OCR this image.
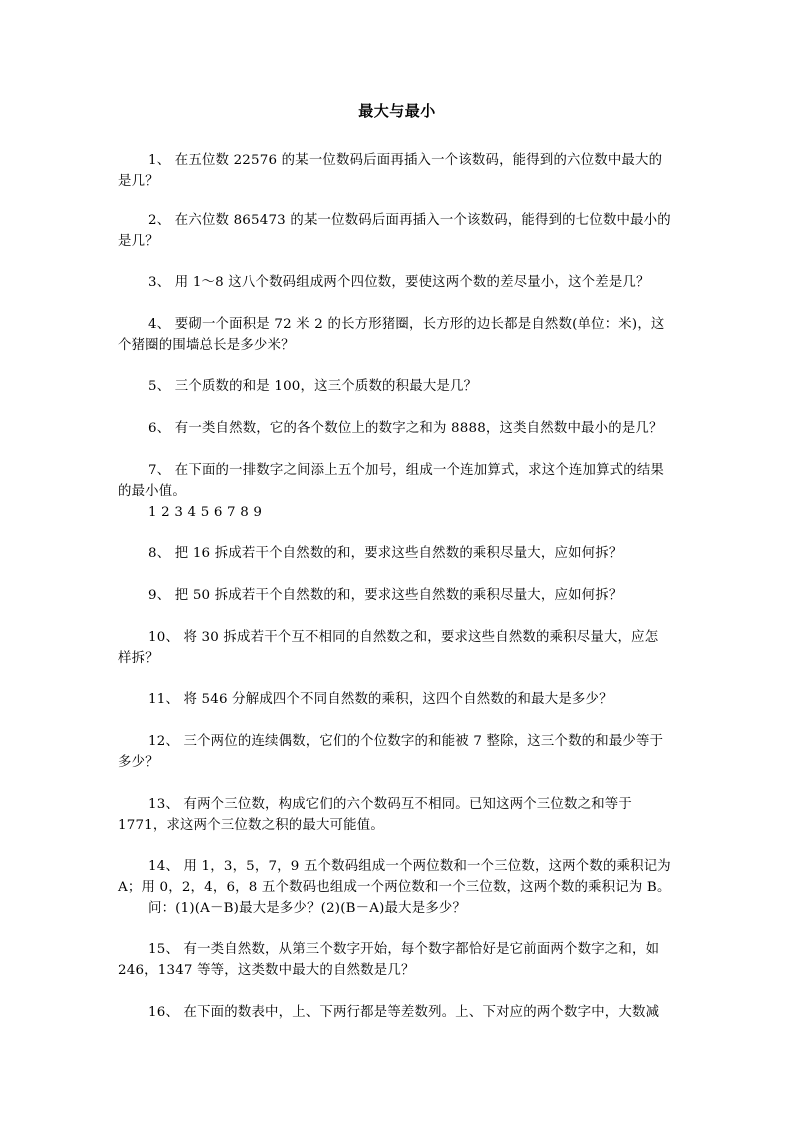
最大与最小
1、 在五位数 22576 的某一位数码后面再插入一个该数码，能得到的六位数中最大的
是几？
2、 在六位数 865473 的某一位数码后面再插入一个该数码，能得到的七位数中最小的
是几？
3、 用 1～8 这八个数码组成两个四位数，要使这两个数的差尽量小，这个差是几？
4、 要砌一个面积是 72 米 2 的长方形猪圈，长方形的边长都是自然数(单位：米)，这
个猪圈的围墙总长是多少米？
5、 三个质数的和是 100，这三个质数的积最大是几？
6、 有一类自然数，它的各个数位上的数字之和为 8888，这类自然数中最小的是几？
7、 在下面的一排数字之间添上五个加号，组成一个连加算式，求这个连加算式的结果
的最小值。
1 2 3 4 5 6 7 8 9
8、 把 16 拆成若干个自然数的和，要求这些自然数的乘积尽量大，应如何拆？
9、 把 50 拆成若干个自然数的和，要求这些自然数的乘积尽量大，应如何拆？
10、 将 30 拆成若干个互不相同的自然数之和，要求这些自然数的乘积尽量大，应怎
样拆？
11、 将 546 分解成四个不同自然数的乘积，这四个自然数的和最大是多少？
12、 三个两位的连续偶数，它们的个位数字的和能被 7 整除，这三个数的和最少等于
多少？
13、 有两个三位数，构成它们的六个数码互不相同。已知这两个三位数之和等于
1771，求这两个三位数之积的最大可能值。
14、 用 1，3，5，7，9 五个数码组成一个两位数和一个三位数，这两个数的乘积记为
A；用 0，2，4，6，8 五个数码也组成一个两位数和一个三位数，这两个数的乘积记为 B。
问：(1)(A－B)最大是多少？(2)(B－A)最大是多少？
15、 有一类自然数，从第三个数字开始，每个数字都恰好是它前面两个数字之和，如
246，1347 等等，这类数中最大的自然数是几？
16、 在下面的数表中，上、下两行都是等差数列。上、下对应的两个数字中，大数减
